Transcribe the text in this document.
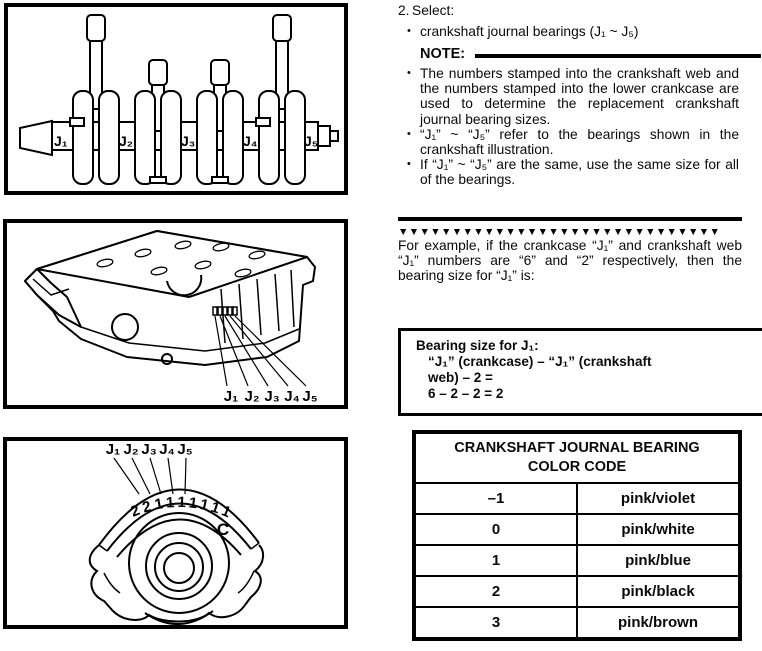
J₁	J₂	J₃	J₄	J₅
J₁ J₂ J₃ J₄ J₅
J₁ J₂ J₃ J₄ J₅
221111111
C
2. Select:
• crankshaft journal bearings (J₁ ~ J₅)
NOTE:
• The numbers stamped into the crankshaft web and the numbers stamped into the lower crankcase are used to determine the replacement crankshaft journal bearing sizes.
• “J₁” ~ “J₅” refer to the bearings shown in the crankshaft illustration.
• If “J₁” ~ “J₅” are the same, use the same size for all of the bearings.
▼▼▼▼▼▼▼▼▼▼▼▼▼▼▼▼▼▼▼▼▼▼▼▼▼▼▼▼▼▼

For example, if the crankcase “J₁” and crankshaft web “J₁” numbers are “6” and “2” respectively, then the bearing size for “J₁” is:

Bearing size for J₁:
“J₁” (crankcase) – “J₁” (crankshaft
web) – 2 =
6 – 2 – 2 = 2
CRANKSHAFT JOURNAL BEARING
COLOR CODE	
–1	pink/violet
0	pink/white
1	pink/blue
2	pink/black
3	pink/brown
